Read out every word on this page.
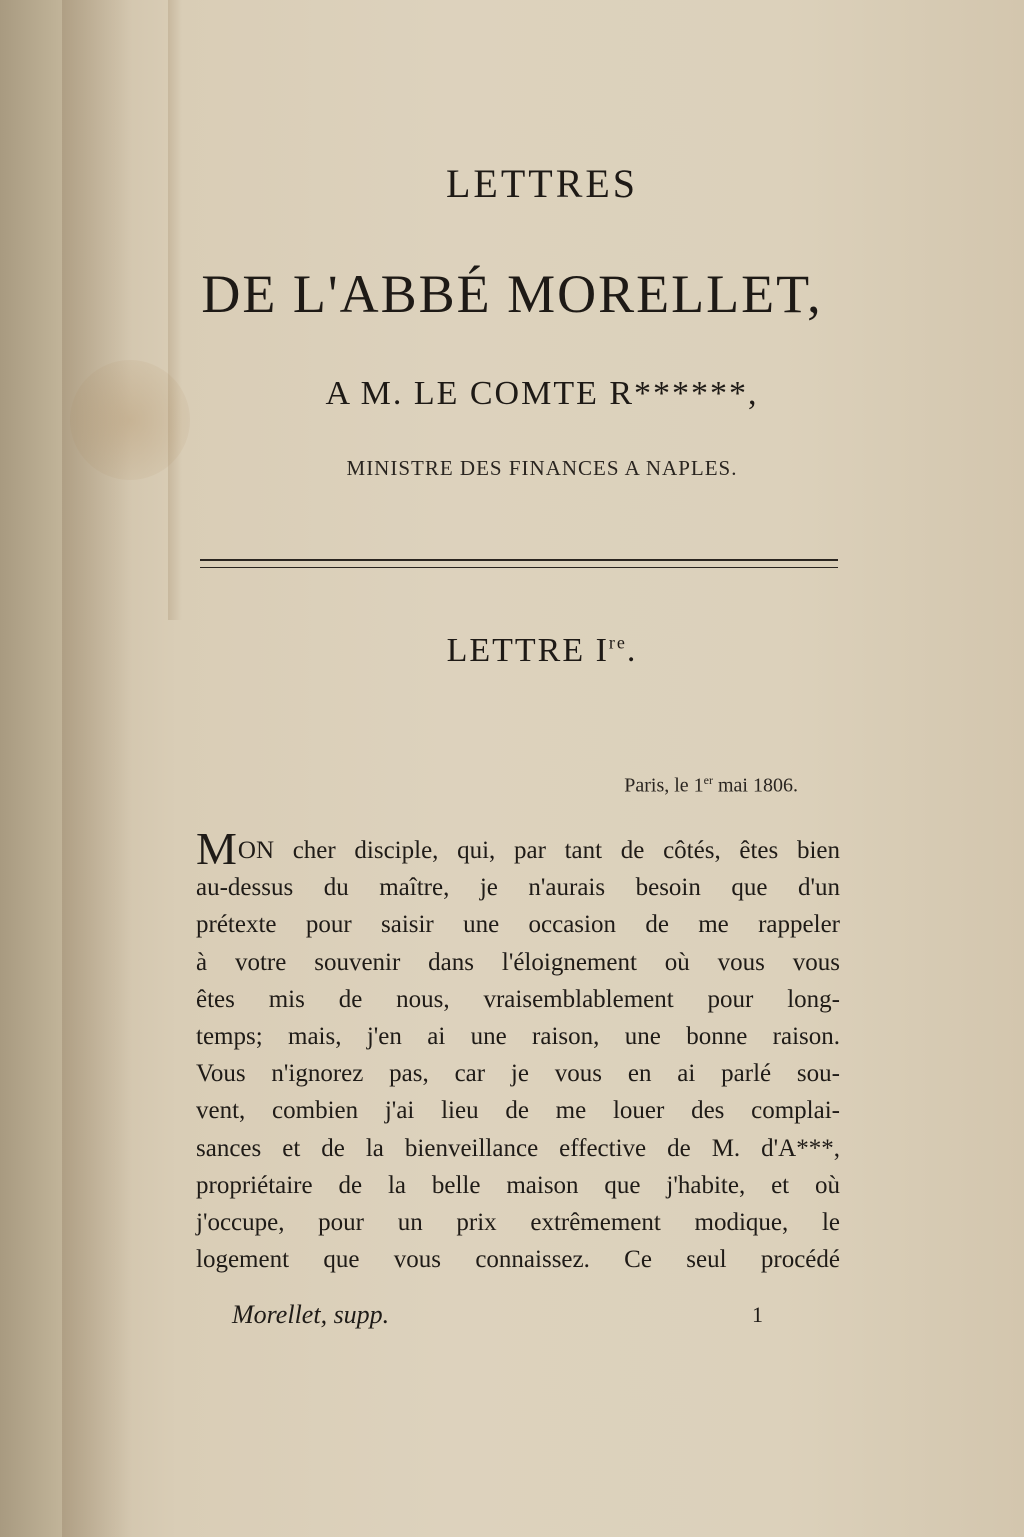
LETTRES
DE L'ABBÉ MORELLET,
A M. LE COMTE R******,
MINISTRE DES FINANCES A NAPLES.
LETTRE Ire.
Paris, le 1er mai 1806.
MON cher disciple, qui, par tant de côtés, êtes bien
au-dessus du maître, je n'aurais besoin que d'un
prétexte pour saisir une occasion de me rappeler
à votre souvenir dans l'éloignement où vous vous
êtes mis de nous, vraisemblablement pour long-
temps; mais, j'en ai une raison, une bonne raison.
Vous n'ignorez pas, car je vous en ai parlé sou-
vent, combien j'ai lieu de me louer des complai-
sances et de la bienveillance effective de M. d'A***,
propriétaire de la belle maison que j'habite, et où
j'occupe, pour un prix extrêmement modique, le
logement que vous connaissez. Ce seul procédé
Morellet, supp.	1
